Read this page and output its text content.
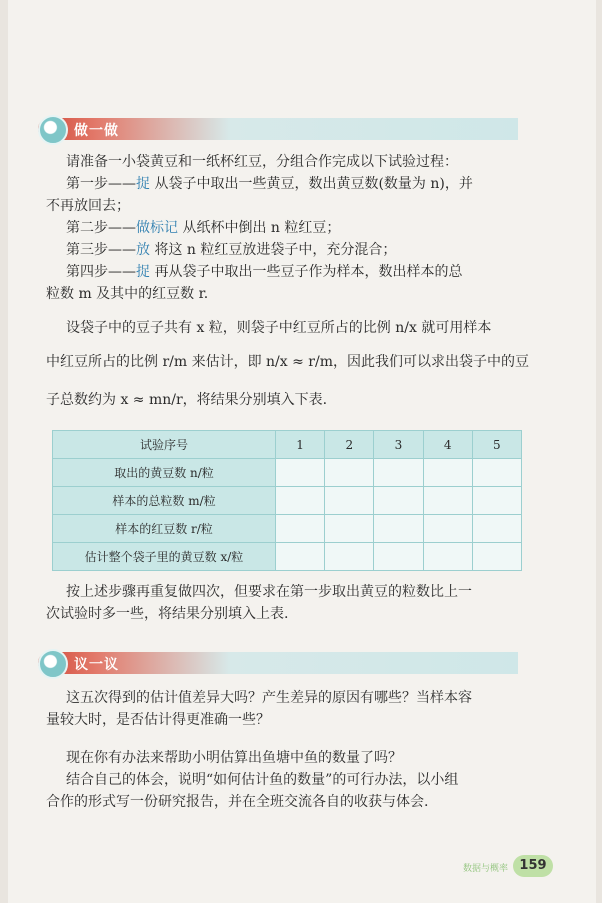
做一做
请准备一小袋黄豆和一纸杯红豆，分组合作完成以下试验过程：
第一步——捉 从袋子中取出一些黄豆，数出黄豆数(数量为 n)，并
不再放回去；
第二步——做标记 从纸杯中倒出 n 粒红豆；
第三步——放 将这 n 粒红豆放进袋子中，充分混合；
第四步——捉 再从袋子中取出一些豆子作为样本，数出样本的总
粒数 m 及其中的红豆数 r.
设袋子中的豆子共有 x 粒，则袋子中红豆所占的比例 n/x 就可用样本
中红豆所占的比例 r/m 来估计，即 n/x ≈ r/m，因此我们可以求出袋子中的豆
子总数约为 x ≈ mn/r，将结果分别填入下表.
试验序号	1	2	3	4	5
取出的黄豆数 n/粒					
样本的总粒数 m/粒					
样本的红豆数 r/粒					
估计整个袋子里的黄豆数 x/粒					
按上述步骤再重复做四次，但要求在第一步取出黄豆的粒数比上一
次试验时多一些，将结果分别填入上表.
议一议
这五次得到的估计值差异大吗？产生差异的原因有哪些？当样本容
量较大时，是否估计得更准确一些？
现在你有办法来帮助小明估算出鱼塘中鱼的数量了吗？
结合自己的体会，说明“如何估计鱼的数量”的可行办法，以小组
合作的形式写一份研究报告，并在全班交流各自的收获与体会.
数据与概率 159
